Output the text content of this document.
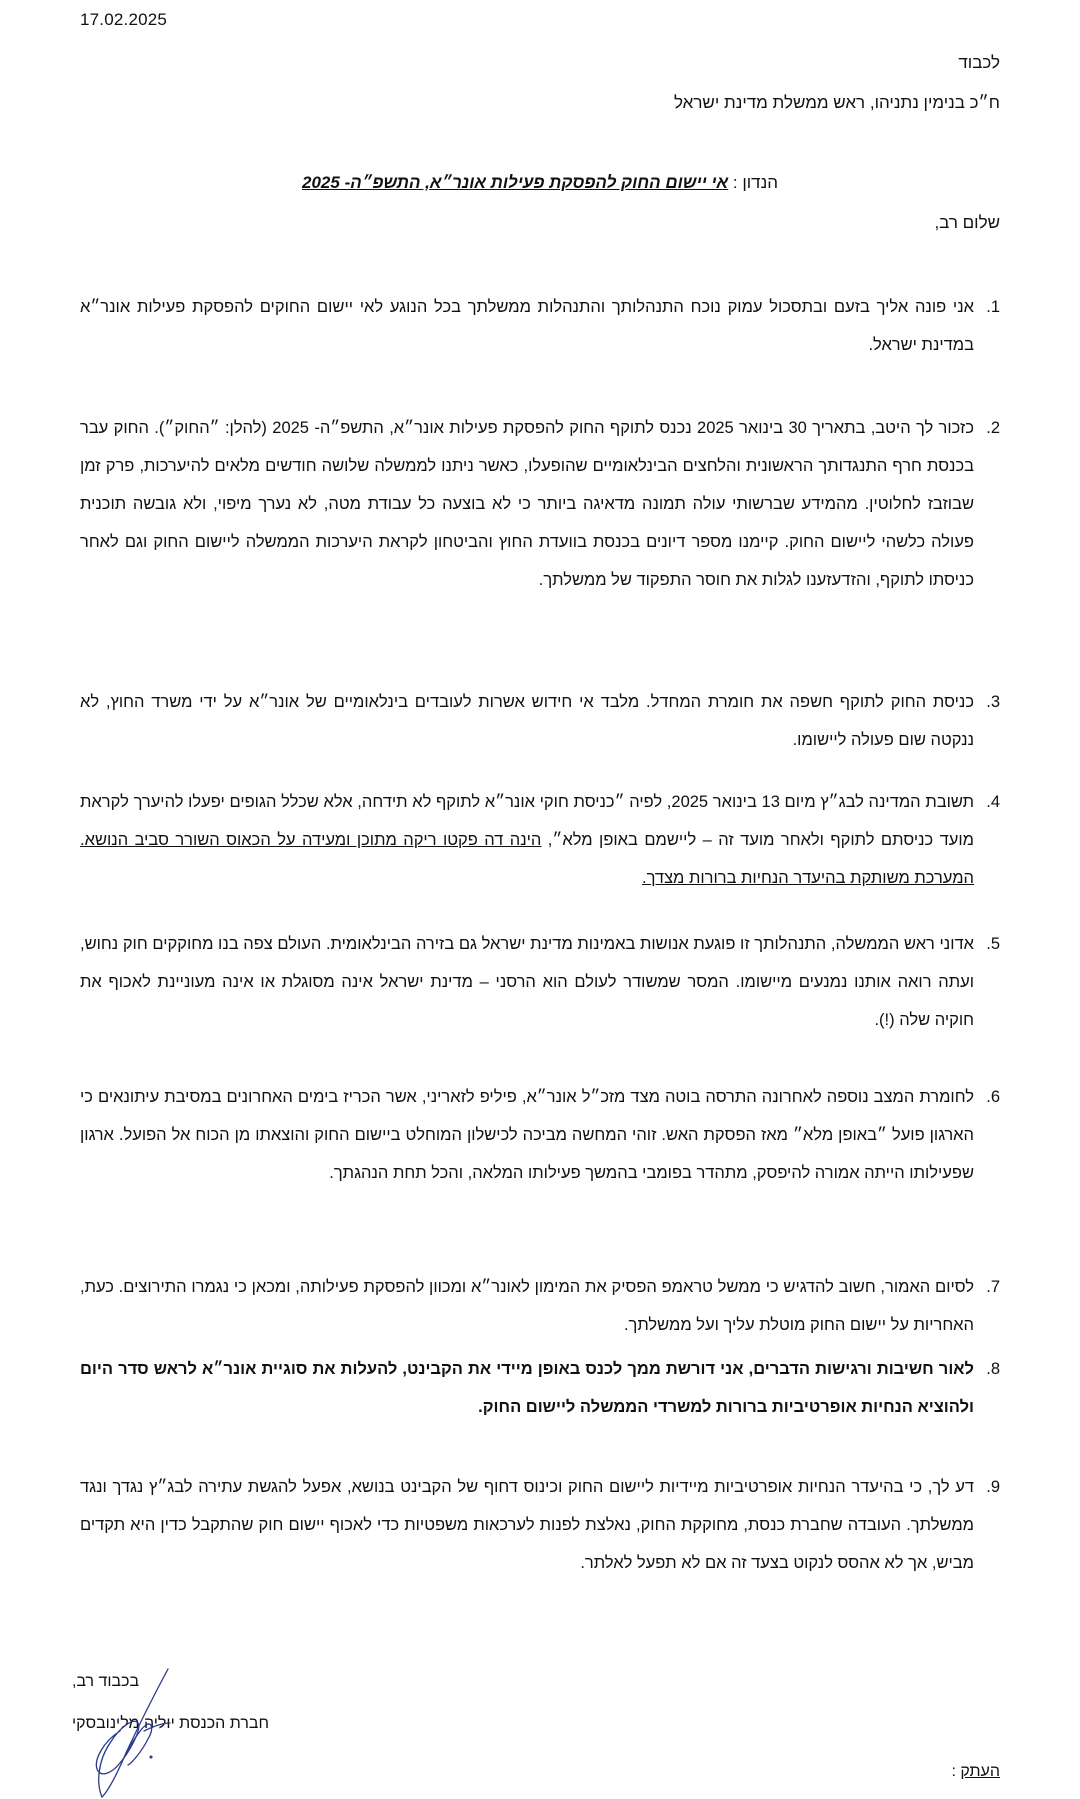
17.02.2025
לכבוד
ח״כ בנימין נתניהו, ראש ממשלת מדינת ישראל
הנדון : אי יישום החוק להפסקת פעילות אונר״א, התשפ״ה- 2025
שלום רב,
1.
אני פונה אליך בזעם ובתסכול עמוק נוכח התנהלותך והתנהלות ממשלתך בכל הנוגע לאי יישום החוקים להפסקת פעילות אונר״א במדינת ישראל.
2.
כזכור לך היטב, בתאריך 30 בינואר 2025 נכנס לתוקף החוק להפסקת פעילות אונר״א, התשפ״ה- 2025 (להלן: ״החוק״). החוק עבר בכנסת חרף התנגדותך הראשונית והלחצים הבינלאומיים שהופעלו, כאשר ניתנו לממשלה שלושה חודשים מלאים להיערכות, פרק זמן שבוזבז לחלוטין. מהמידע שברשותי עולה תמונה מדאיגה ביותר כי לא בוצעה כל עבודת מטה, לא נערך מיפוי, ולא גובשה תוכנית פעולה כלשהי ליישום החוק. קיימנו מספר דיונים בכנסת בוועדת החוץ והביטחון לקראת היערכות הממשלה ליישום החוק וגם לאחר כניסתו לתוקף, והזדעזענו לגלות את חוסר התפקוד של ממשלתך.
3.
כניסת החוק לתוקף חשפה את חומרת המחדל. מלבד אי חידוש אשרות לעובדים בינלאומיים של אונר״א על ידי משרד החוץ, לא ננקטה שום פעולה ליישומו.
4.
תשובת המדינה לבג״ץ מיום 13 בינואר 2025, לפיה ״כניסת חוקי אונר״א לתוקף לא תידחה, אלא שכלל הגופים יפעלו להיערך לקראת מועד כניסתם לתוקף ולאחר מועד זה – ליישמם באופן מלא״, הינה דה פקטו ריקה מתוכן ומעידה על הכאוס השורר סביב הנושא. המערכת משותקת בהיעדר הנחיות ברורות מצדך.
5.
אדוני ראש הממשלה, התנהלותך זו פוגעת אנושות באמינות מדינת ישראל גם בזירה הבינלאומית. העולם צפה בנו מחוקקים חוק נחוש, ועתה רואה אותנו נמנעים מיישומו. המסר שמשודר לעולם הוא הרסני – מדינת ישראל אינה מסוגלת או אינה מעוניינת לאכוף את חוקיה שלה (!).
6.
לחומרת המצב נוספה לאחרונה התרסה בוטה מצד מזכ״ל אונר״א, פיליפ לזאריני, אשר הכריז בימים האחרונים במסיבת עיתונאים כי הארגון פועל ״באופן מלא״ מאז הפסקת האש. זוהי המחשה מביכה לכישלון המוחלט ביישום החוק והוצאתו מן הכוח אל הפועל. ארגון שפעילותו הייתה אמורה להיפסק, מתהדר בפומבי בהמשך פעילותו המלאה, והכל תחת הנהגתך.
7.
לסיום האמור, חשוב להדגיש כי ממשל טראמפ הפסיק את המימון לאונר״א ומכוון להפסקת פעילותה, ומכאן כי נגמרו התירוצים. כעת, האחריות על יישום החוק מוטלת עליך ועל ממשלתך.
8.
לאור חשיבות ורגישות הדברים, אני דורשת ממך לכנס באופן מיידי את הקבינט, להעלות את סוגיית אונר״א לראש סדר היום ולהוציא הנחיות אופרטיביות ברורות למשרדי הממשלה ליישום החוק.
9.
דע לך, כי בהיעדר הנחיות אופרטיביות מיידיות ליישום החוק וכינוס דחוף של הקבינט בנושא, אפעל להגשת עתירה לבג״ץ נגדך ונגד ממשלתך. העובדה שחברת כנסת, מחוקקת החוק, נאלצת לפנות לערכאות משפטיות כדי לאכוף יישום חוק שהתקבל כדין היא תקדים מביש, אך לא אהסס לנקוט בצעד זה אם לא תפעל לאלתר.
בכבוד רב,
חברת הכנסת יוליה מלינובסקי
העתק :
